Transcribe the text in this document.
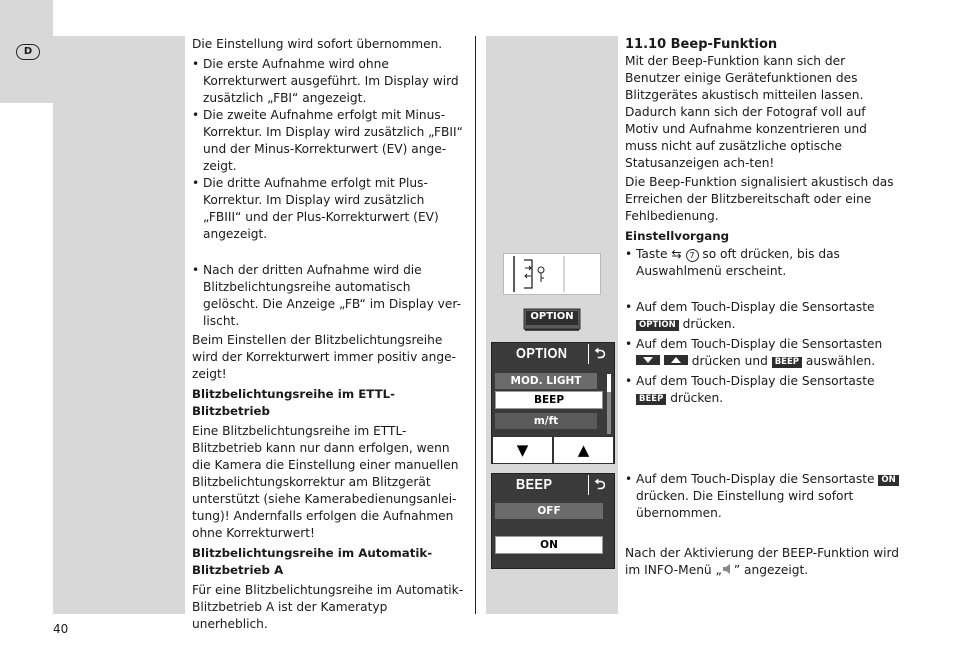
D

Die Einstellung wird sofort übernommen.

• Die erste Aufnahme wird ohne Korrekturwert ausgeführt. Im Display wird zusätzlich „FBI“ angezeigt.
• Die zweite Aufnahme erfolgt mit Minus-Korrektur. Im Display wird zusätzlich „FBII“ und der Minus-Korrekturwert (EV) ange-zeigt.
• Die dritte Aufnahme erfolgt mit Plus-Korrektur. Im Display wird zusätzlich „FBIII“ und der Plus-Korrekturwert (EV) angezeigt.
• Nach der dritten Aufnahme wird die Blitzbelichtungsreihe automatisch gelöscht. Die Anzeige „FB“ im Display ver-lischt.

Beim Einstellen der Blitzbelichtungsreihe wird der Korrekturwert immer positiv ange-zeigt!

Blitzbelichtungsreihe im ETTL-Blitzbetrieb

Eine Blitzbelichtungsreihe im ETTL-Blitzbetrieb kann nur dann erfolgen, wenn die Kamera die Einstellung einer manuellen Blitzbelichtungskorrektur am Blitzgerät unterstützt (siehe Kamerabedienungsanlei-tung)! Andernfalls erfolgen die Aufnahmen ohne Korrekturwert!

Blitzbelichtungsreihe im Automatik-Blitzbetrieb A

Für eine Blitzbelichtungsreihe im Automatik-Blitzbetrieb A ist der Kameratyp unerheblich.

OPTION
OPTION	⮌
MOD. LIGHT
BEEP
m/ft
▼	▲
BEEP	⮌
OFF
ON

11.10 Beep-Funktion

Mit der Beep-Funktion kann sich der Benutzer einige Gerätefunktionen des Blitzgerätes akustisch mitteilen lassen. Dadurch kann sich der Fotograf voll auf Motiv und Aufnahme konzentrieren und muss nicht auf zusätzliche optische Statusanzeigen ach-ten!

Die Beep-Funktion signalisiert akustisch das Erreichen der Blitzbereitschaft oder eine Fehlbedienung.

Einstellvorgang

• Taste ⇆ 7 so oft drücken, bis das Auswahlmenü erscheint.
• Auf dem Touch-Display die Sensortaste OPTION drücken.
• Auf dem Touch-Display die Sensortasten   drücken und BEEP auswählen.
• Auf dem Touch-Display die Sensortaste BEEP drücken.
• Auf dem Touch-Display die Sensortaste ON drücken. Die Einstellung wird sofort übernommen.

Nach der Aktivierung der BEEP-Funktion wird im INFO-Menü „ ” angezeigt.

40
